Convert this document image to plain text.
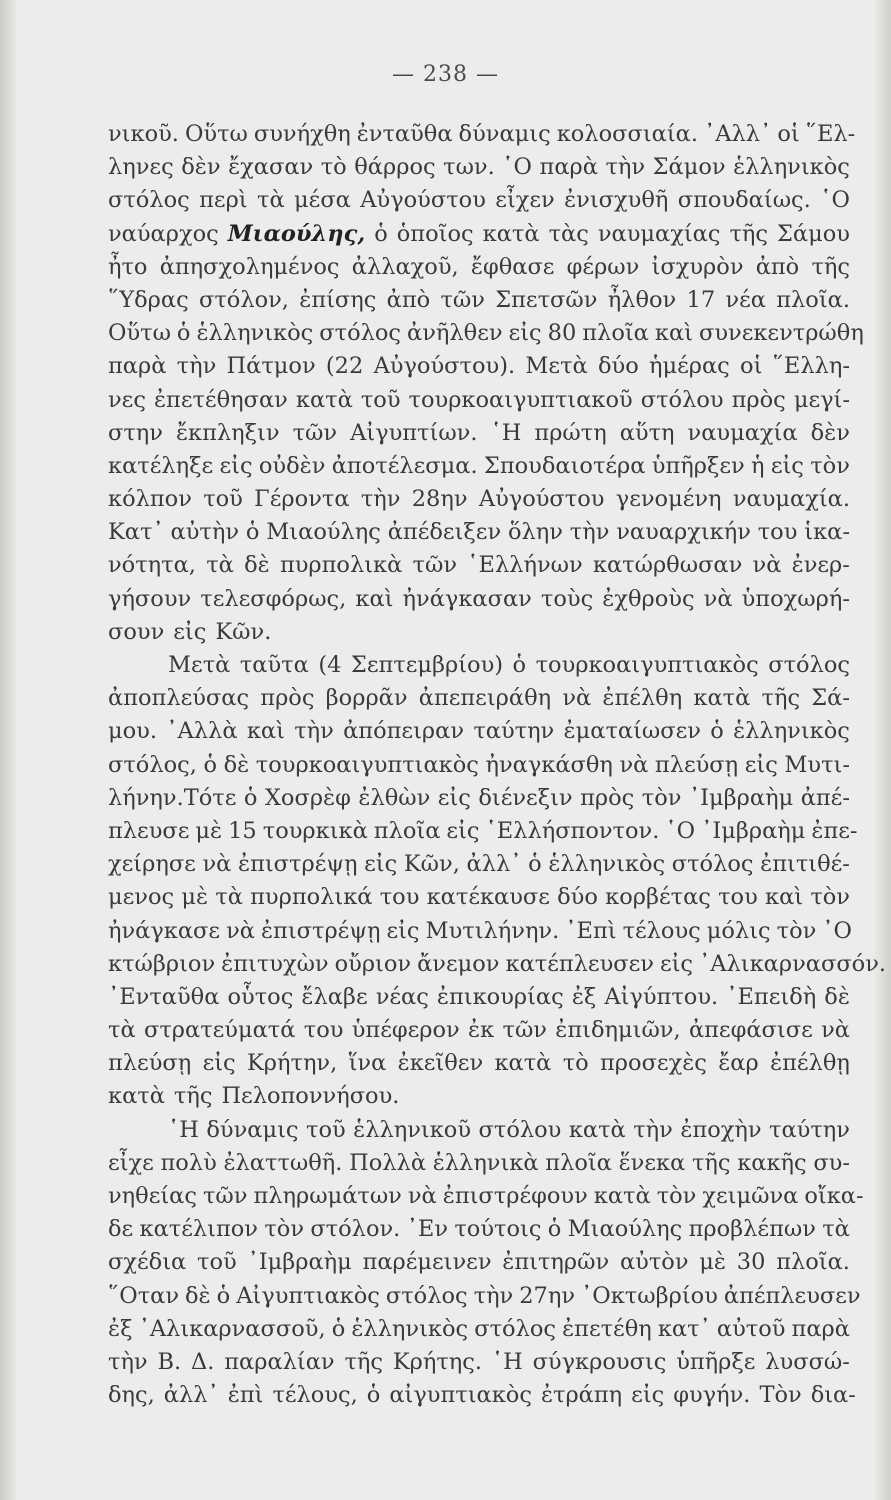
— 238 —
νικοῦ. Οὕτω συνήχθη ἐνταῦθα δύναμις κολοσσιαία. ᾿Αλλ᾿ οἱ ῞Ελ-
ληνες δὲν ἔχασαν τὸ θάρρος των. ῾Ο παρὰ τὴν Σάμον ἑλληνικὸς
στόλος περὶ τὰ μέσα Αὐγούστου εἶχεν ἐνισχυθῆ σπουδαίως. ῾Ο
ναύαρχος Μιαούλης, ὁ ὁποῖος κατὰ τὰς ναυμαχίας τῆς Σάμου
ἦτο ἀπησχολημένος ἀλλαχοῦ, ἔφθασε φέρων ἰσχυρὸν ἀπὸ τῆς
῞Υδρας στόλον, ἐπίσης ἀπὸ τῶν Σπετσῶν ἦλθον 17 νέα πλοῖα.
Οὕτω ὁ ἑλληνικὸς στόλος ἀνῆλθεν εἰς 80 πλοῖα καὶ συνεκεντρώθη
παρὰ τὴν Πάτμον (22 Αὐγούστου). Μετὰ δύο ἡμέρας οἱ ῞Ελλη-
νες ἐπετέθησαν κατὰ τοῦ τουρκοαιγυπτιακοῦ στόλου πρὸς μεγί-
στην ἔκπληξιν τῶν Αἰγυπτίων. ῾Η πρώτη αὕτη ναυμαχία δὲν
κατέληξε εἰς οὐδὲν ἀποτέλεσμα. Σπουδαιοτέρα ὑπῆρξεν ἡ εἰς τὸν
κόλπον τοῦ Γέροντα τὴν 28ην Αὐγούστου γενομένη ναυμαχία.
Κατ᾿ αὐτὴν ὁ Μιαούλης ἀπέδειξεν ὅλην τὴν ναυαρχικήν του ἱκα-
νότητα, τὰ δὲ πυρπολικὰ τῶν ῾Ελλήνων κατώρθωσαν νὰ ἐνερ-
γήσουν τελεσφόρως, καὶ ἠνάγκασαν τοὺς ἐχθροὺς νὰ ὑποχωρή-
σουν εἰς Κῶν.
Μετὰ ταῦτα (4 Σεπτεμβρίου) ὁ τουρκοαιγυπτιακὸς στόλος
ἀποπλεύσας πρὸς βορρᾶν ἀπεπειράθη νὰ ἐπέλθη κατὰ τῆς Σά-
μου. ᾿Αλλὰ καὶ τὴν ἀπόπειραν ταύτην ἐματαίωσεν ὁ ἑλληνικὸς
στόλος, ὁ δὲ τουρκοαιγυπτιακὸς ἠναγκάσθη νὰ πλεύσῃ εἰς Μυτι-
λήνην.Τότε ὁ Χοσρὲφ ἐλθὼν εἰς διένεξιν πρὸς τὸν ᾿Ιμβραὴμ ἀπέ-
πλευσε μὲ 15 τουρκικὰ πλοῖα εἰς ῾Ελλήσποντον. ῾Ο ᾿Ιμβραὴμ ἐπε-
χείρησε νὰ ἐπιστρέψῃ εἰς Κῶν, ἀλλ᾿ ὁ ἑλληνικὸς στόλος ἐπιτιθέ-
μενος μὲ τὰ πυρπολικά του κατέκαυσε δύο κορβέτας του καὶ τὸν
ἠνάγκασε νὰ ἐπιστρέψῃ εἰς Μυτιλήνην. ᾿Επὶ τέλους μόλις τὸν ᾿Ο
κτώβριον ἐπιτυχὼν οὔριον ἄνεμον κατέπλευσεν εἰς ᾿Αλικαρνασσόν.
᾿Ενταῦθα οὗτος ἔλαβε νέας ἐπικουρίας ἐξ Αἰγύπτου. ᾿Επειδὴ δὲ
τὰ στρατεύματά του ὑπέφερον ἐκ τῶν ἐπιδημιῶν, ἀπεφάσισε νὰ
πλεύσῃ εἰς Κρήτην, ἵνα ἐκεῖθεν κατὰ τὸ προσεχὲς ἔαρ ἐπέλθῃ
κατὰ τῆς Πελοποννήσου.
῾Η δύναμις τοῦ ἑλληνικοῦ στόλου κατὰ τὴν ἐποχὴν ταύτην
εἶχε πολὺ ἐλαττωθῆ. Πολλὰ ἑλληνικὰ πλοῖα ἕνεκα τῆς κακῆς συ-
νηθείας τῶν πληρωμάτων νὰ ἐπιστρέφουν κατὰ τὸν χειμῶνα οἴκα-
δε κατέλιπον τὸν στόλον. ᾿Εν τούτοις ὁ Μιαούλης προβλέπων τὰ
σχέδια τοῦ ᾿Ιμβραὴμ παρέμεινεν ἐπιτηρῶν αὐτὸν μὲ 30 πλοῖα.
῞Οταν δὲ ὁ Αἰγυπτιακὸς στόλος τὴν 27ην ᾿Οκτωβρίου ἀπέπλευσεν
ἐξ ᾿Αλικαρνασσοῦ, ὁ ἑλληνικὸς στόλος ἐπετέθη κατ᾿ αὐτοῦ παρὰ
τὴν Β. Δ. παραλίαν τῆς Κρήτης. ῾Η σύγκρουσις ὑπῆρξε λυσσώ-
δης, ἀλλ᾿ ἐπὶ τέλους, ὁ αἰγυπτιακὸς ἐτράπη εἰς φυγήν. Τὸν δια-
